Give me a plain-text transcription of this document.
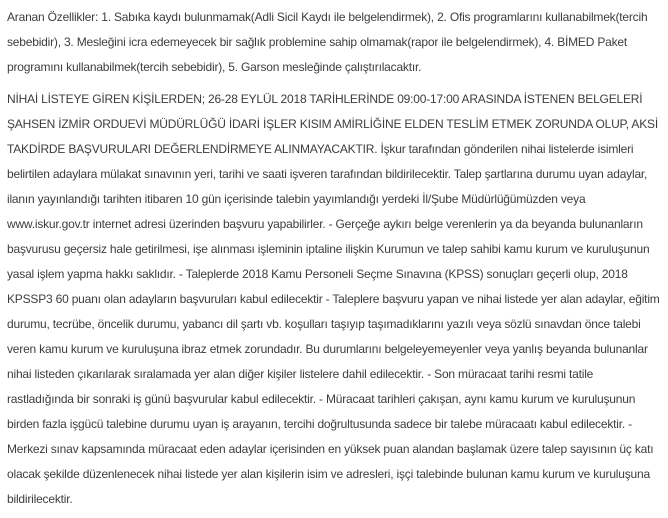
Aranan Özellikler: 1. Sabıka kaydı bulunmamak(Adli Sicil Kaydı ile belgelendirmek), 2. Ofis programlarını kullanabilmek(tercih sebebidir), 3. Mesleğini icra edemeyecek bir sağlık problemine sahip olmamak(rapor ile belgelendirmek), 4. BİMED Paket programını kullanabilmek(tercih sebebidir), 5. Garson mesleğinde çalıştırılacaktır.

NİHAİ LİSTEYE GİREN KİŞİLERDEN; 26-28 EYLÜL 2018 TARİHLERİNDE 09:00-17:00 ARASINDA İSTENEN BELGELERİ ŞAHSEN İZMİR ORDUEVİ MÜDÜRLÜĞÜ İDARİ İŞLER KISIM AMİRLİĞİNE ELDEN TESLİM ETMEK ZORUNDA OLUP, AKSİ TAKDİRDE BAŞVURULARI DEĞERLENDİRMEYE ALINMAYACAKTIR. İşkur tarafından gönderilen nihai listelerde isimleri belirtilen adaylara mülakat sınavının yeri, tarihi ve saati işveren tarafından bildirilecektir. Talep şartlarına durumu uyan adaylar, ilanın yayınlandığı tarihten itibaren 10 gün içerisinde talebin yayımlandığı yerdeki İl/Şube Müdürlüğümüzden veya www.iskur.gov.tr internet adresi üzerinden başvuru yapabilirler. - Gerçeğe aykırı belge verenlerin ya da beyanda bulunanların başvurusu geçersiz hale getirilmesi, işe alınması işleminin iptaline ilişkin Kurumun ve talep sahibi kamu kurum ve kuruluşunun yasal işlem yapma hakkı saklıdır. - Taleplerde 2018 Kamu Personeli Seçme Sınavına (KPSS) sonuçları geçerli olup, 2018 KPSSP3 60 puanı olan adayların başvuruları kabul edilecektir - Taleplere başvuru yapan ve nihai listede yer alan adaylar, eğitim durumu, tecrübe, öncelik durumu, yabancı dil şartı vb. koşulları taşıyıp taşımadıklarını yazılı veya sözlü sınavdan önce talebi veren kamu kurum ve kuruluşuna ibraz etmek zorundadır. Bu durumlarını belgeleyemeyenler veya yanlış beyanda bulunanlar nihai listeden çıkarılarak sıralamada yer alan diğer kişiler listelere dahil edilecektir. - Son müracaat tarihi resmi tatile rastladığında bir sonraki iş günü başvurular kabul edilecektir. - Müracaat tarihleri çakışan, aynı kamu kurum ve kuruluşunun birden fazla işgücü talebine durumu uyan iş arayanın, tercihi doğrultusunda sadece bir talebe müracaatı kabul edilecektir. - Merkezi sınav kapsamında müracaat eden adaylar içerisinden en yüksek puan alandan başlamak üzere talep sayısının üç katı olacak şekilde düzenlenecek nihai listede yer alan kişilerin isim ve adresleri, işçi talebinde bulunan kamu kurum ve kuruluşuna bildirilecektir.
